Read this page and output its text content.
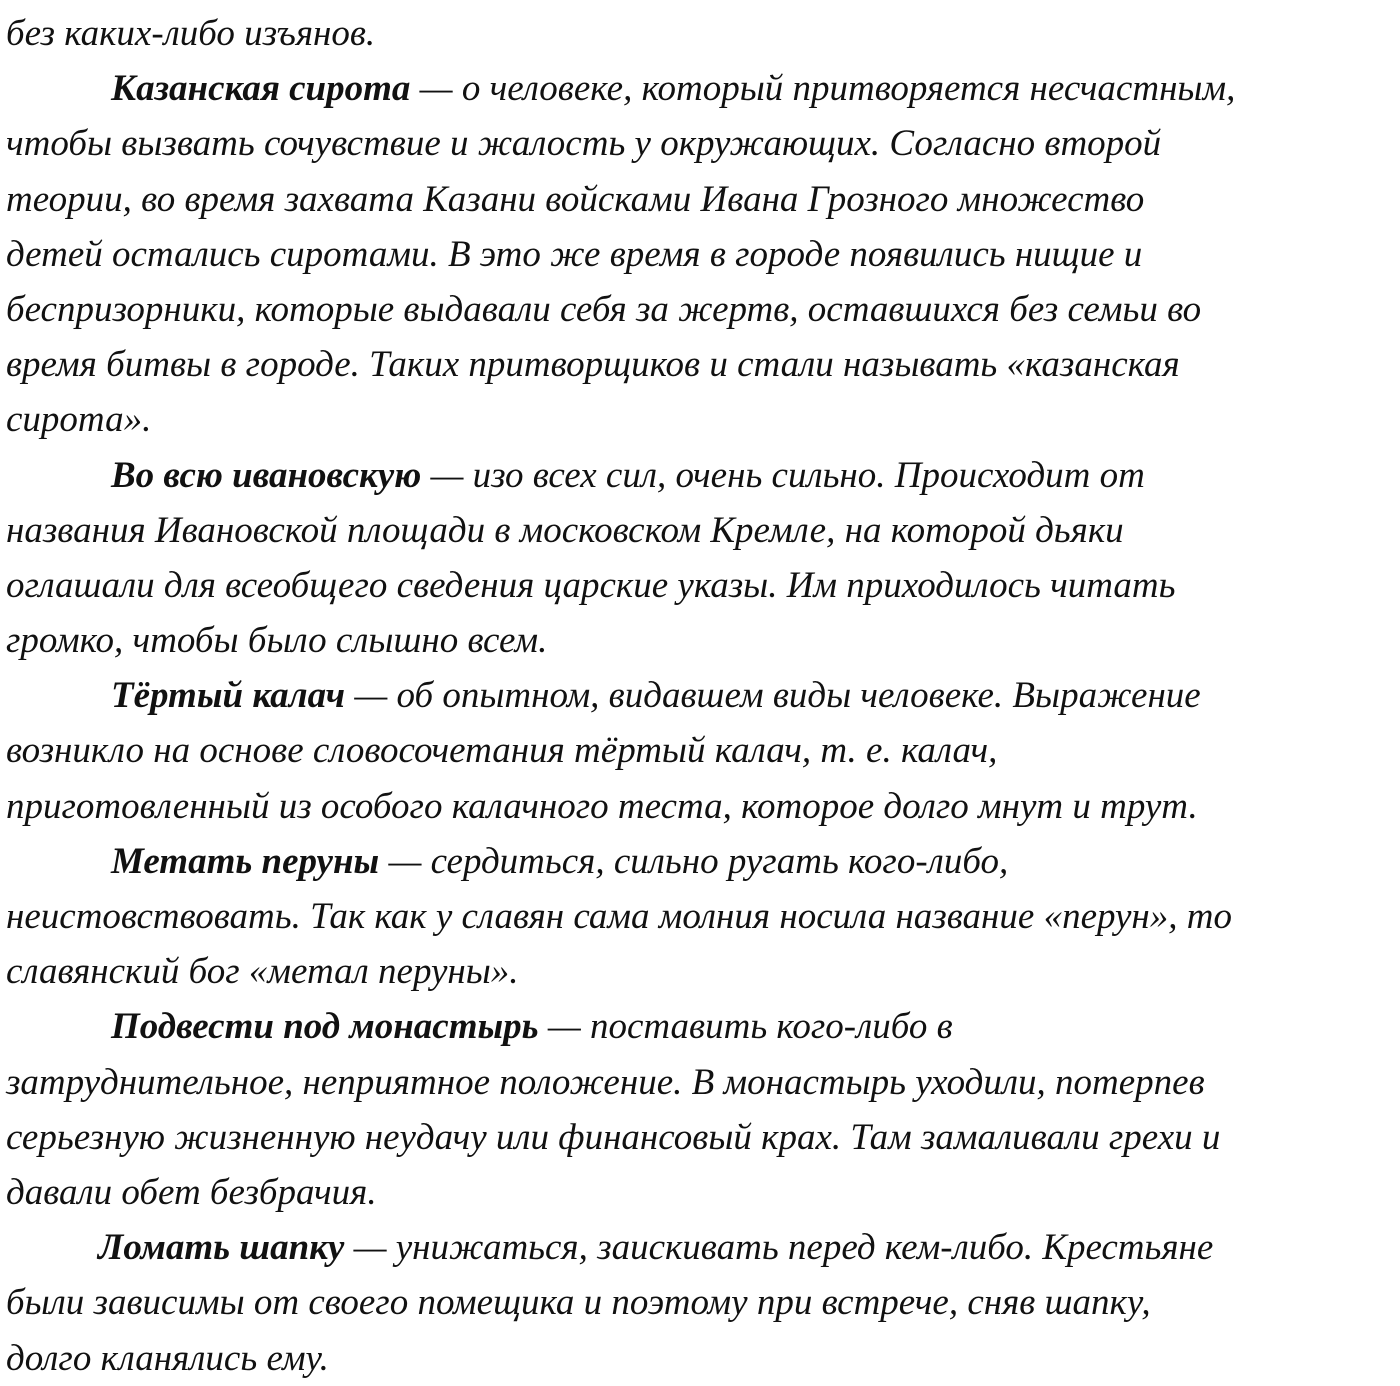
без каких-либо изъянов.
Казанская сирота — о человеке, который притворяется несчастным,
чтобы вызвать сочувствие и жалость у окружающих. Согласно второй
теории, во время захвата Казани войсками Ивана Грозного множество
детей остались сиротами. В это же время в городе появились нищие и
беспризорники, которые выдавали себя за жертв, оставшихся без семьи во
время битвы в городе. Таких притворщиков и стали называть «казанская
сирота».
Во всю ивановскую — изо всех сил, очень сильно. Происходит от
названия Ивановской площади в московском Кремле, на которой дьяки
оглашали для всеобщего сведения царские указы. Им приходилось читать
громко, чтобы было слышно всем.
Тёртый калач — об опытном, видавшем виды человеке. Выражение
возникло на основе словосочетания тёртый калач, т. е. калач,
приготовленный из особого калачного теста, которое долго мнут и трут.
Метать перуны — сердиться, сильно ругать кого-либо,
неистовствовать. Так как у славян сама молния носила название «перун», то
славянский бог «метал перуны».
Подвести под монастырь — поставить кого-либо в
затруднительное, неприятное положение. В монастырь уходили, потерпев
серьезную жизненную неудачу или финансовый крах. Там замаливали грехи и
давали обет безбрачия.
Ломать шапку — унижаться, заискивать перед кем-либо. Крестьяне
были зависимы от своего помещика и поэтому при встрече, сняв шапку,
долго кланялись ему.
